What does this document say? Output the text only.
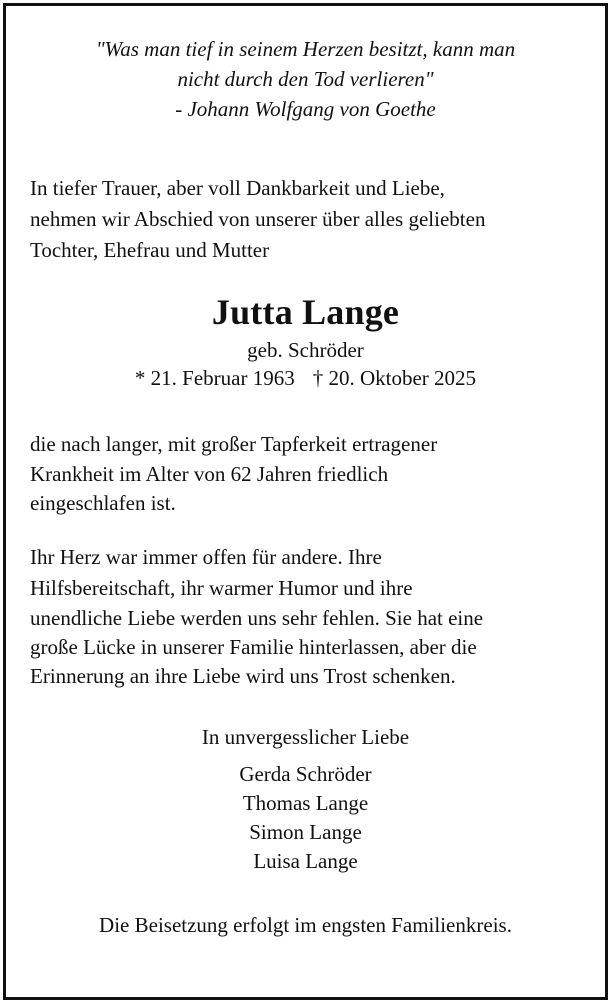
"Was man tief in seinem Herzen besitzt, kann man
nicht durch den Tod verlieren"
- Johann Wolfgang von Goethe
In tiefer Trauer, aber voll Dankbarkeit und Liebe,
nehmen wir Abschied von unserer über alles geliebten
Tochter, Ehefrau und Mutter
Jutta Lange
geb. Schröder
* 21. Februar 1963 † 20. Oktober 2025
die nach langer, mit großer Tapferkeit ertragener
Krankheit im Alter von 62 Jahren friedlich
eingeschlafen ist.
Ihr Herz war immer offen für andere. Ihre
Hilfsbereitschaft, ihr warmer Humor und ihre
unendliche Liebe werden uns sehr fehlen. Sie hat eine
große Lücke in unserer Familie hinterlassen, aber die
Erinnerung an ihre Liebe wird uns Trost schenken.
In unvergesslicher Liebe
Gerda Schröder
Thomas Lange
Simon Lange
Luisa Lange
Die Beisetzung erfolgt im engsten Familienkreis.
